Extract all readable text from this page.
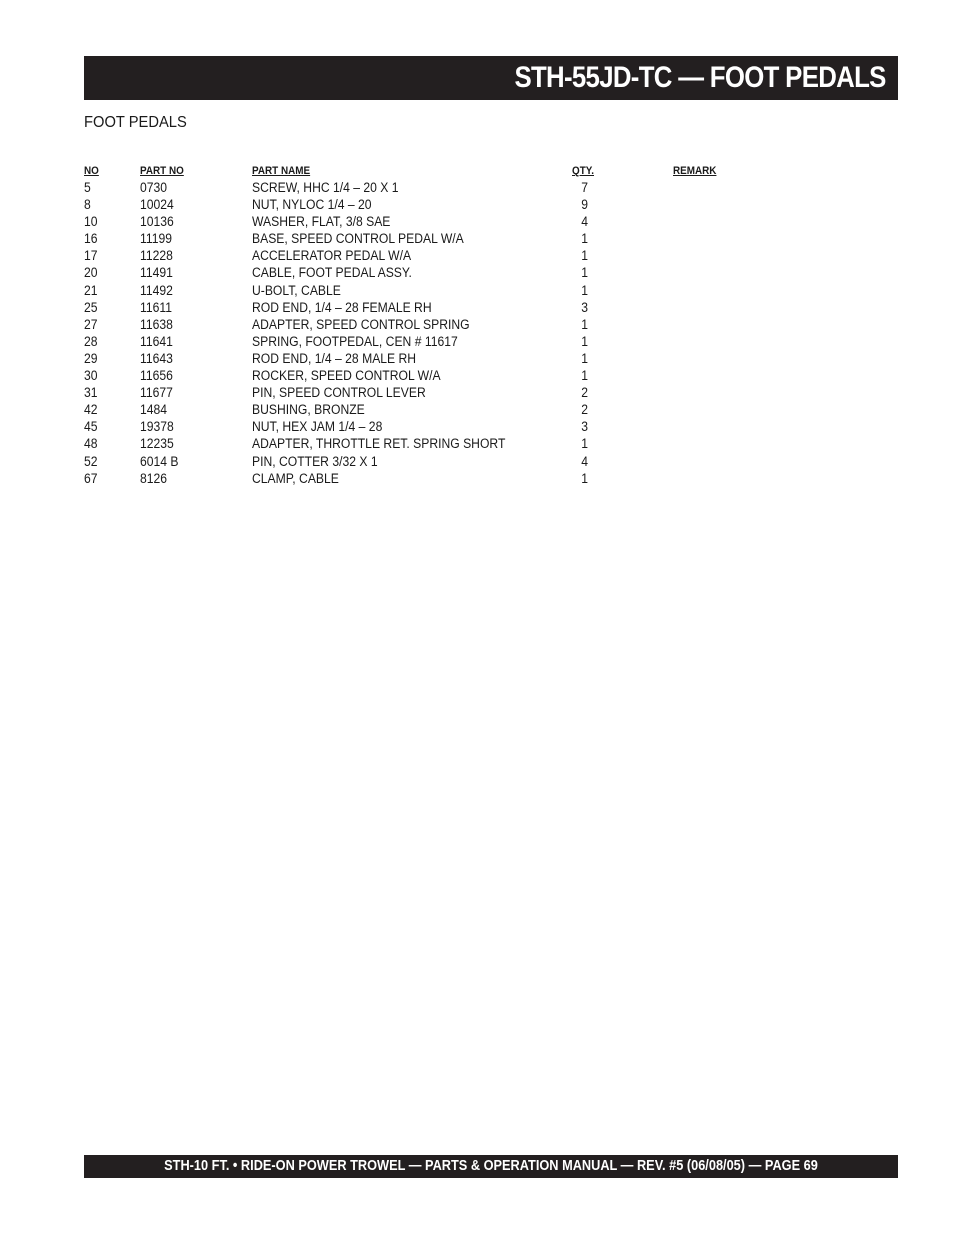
STH-55JD-TC — FOOT PEDALS
FOOT PEDALS
NO	PART NO	PART NAME	QTY.	REMARK
5	0730	SCREW, HHC 1/4 – 20 X 1	7
8	10024	NUT, NYLOC 1/4 – 20	9
10	10136	WASHER, FLAT, 3/8 SAE	4
16	11199	BASE, SPEED CONTROL PEDAL W/A	1
17	11228	ACCELERATOR PEDAL W/A	1
20	11491	CABLE, FOOT PEDAL ASSY.	1
21	11492	U-BOLT, CABLE	1
25	11611	ROD END, 1/4 – 28 FEMALE RH	3
27	11638	ADAPTER, SPEED CONTROL SPRING	1
28	11641	SPRING, FOOTPEDAL, CEN # 11617	1
29	11643	ROD END, 1/4 – 28 MALE RH	1
30	11656	ROCKER, SPEED CONTROL W/A	1
31	11677	PIN, SPEED CONTROL LEVER	2
42	1484	BUSHING, BRONZE	2
45	19378	NUT, HEX JAM 1/4 – 28	3
48	12235	ADAPTER, THROTTLE RET. SPRING SHORT	1
52	6014 B	PIN, COTTER 3/32 X 1	4
67	8126	CLAMP, CABLE	1

STH-10 FT. • RIDE-ON POWER TROWEL — PARTS & OPERATION MANUAL — REV. #5 (06/08/05) — PAGE 69
